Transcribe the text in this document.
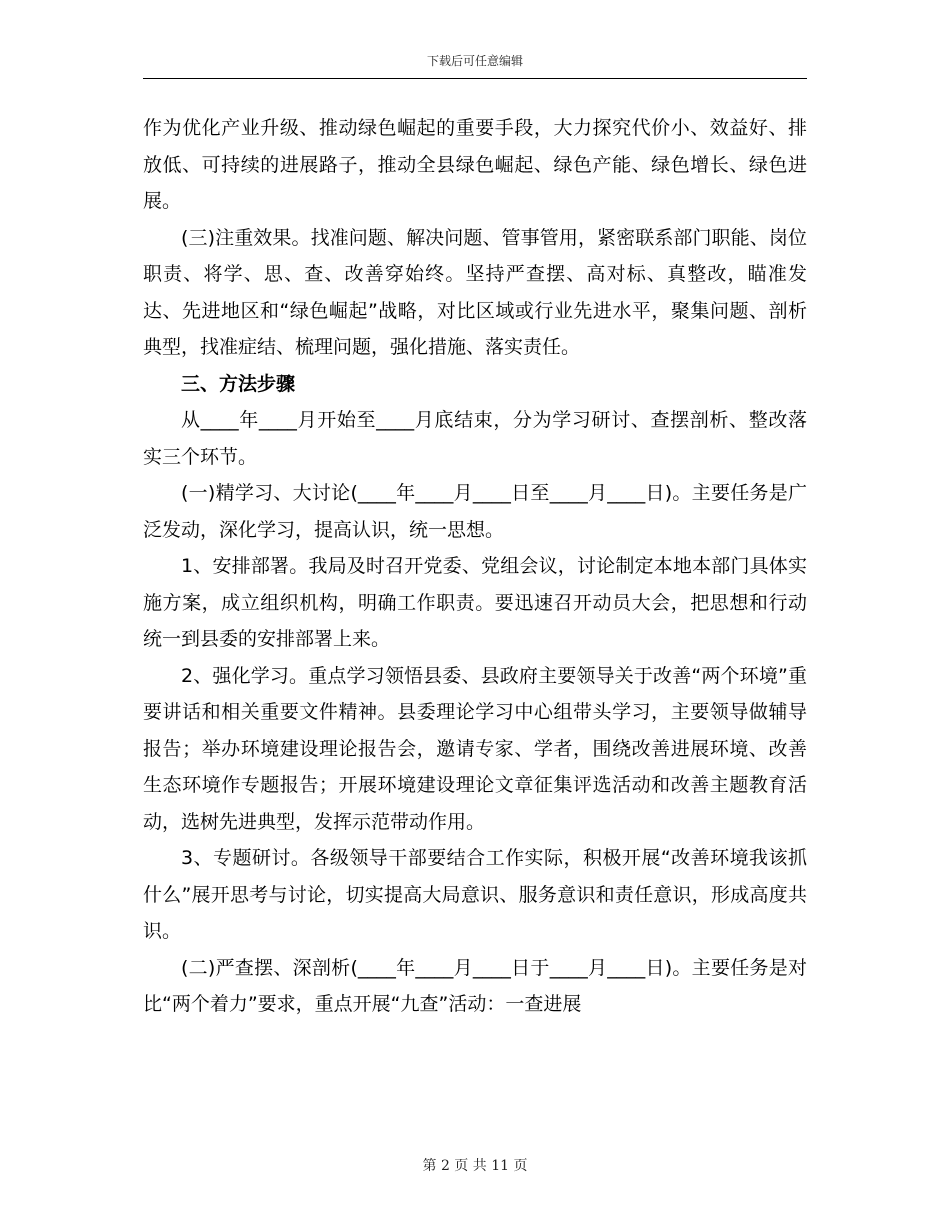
下载后可任意编辑

作为优化产业升级、推动绿色崛起的重要手段，大力探究代价小、效益好、排放低、可持续的进展路子，推动全县绿色崛起、绿色产能、绿色增长、绿色进展。

(三)注重效果。找准问题、解决问题、管事管用，紧密联系部门职能、岗位职责、将学、思、查、改善穿始终。坚持严查摆、高对标、真整改，瞄准发达、先进地区和“绿色崛起”战略，对比区域或行业先进水平，聚集问题、剖析典型，找准症结、梳理问题，强化措施、落实责任。

三、方法步骤

从____年____月开始至____月底结束，分为学习研讨、查摆剖析、整改落实三个环节。

(一)精学习、大讨论(____年____月____日至____月____日)。主要任务是广泛发动，深化学习，提高认识，统一思想。

1、安排部署。我局及时召开党委、党组会议，讨论制定本地本部门具体实施方案，成立组织机构，明确工作职责。要迅速召开动员大会，把思想和行动统一到县委的安排部署上来。

2、强化学习。重点学习领悟县委、县政府主要领导关于改善“两个环境”重要讲话和相关重要文件精神。县委理论学习中心组带头学习，主要领导做辅导报告；举办环境建设理论报告会，邀请专家、学者，围绕改善进展环境、改善生态环境作专题报告；开展环境建设理论文章征集评选活动和改善主题教育活动，选树先进典型，发挥示范带动作用。

3、专题研讨。各级领导干部要结合工作实际，积极开展“改善环境我该抓什么”展开思考与讨论，切实提高大局意识、服务意识和责任意识，形成高度共识。

(二)严查摆、深剖析(____年____月____日于____月____日)。主要任务是对比“两个着力”要求，重点开展“九查”活动：一查进展

第 2 页 共 11 页
